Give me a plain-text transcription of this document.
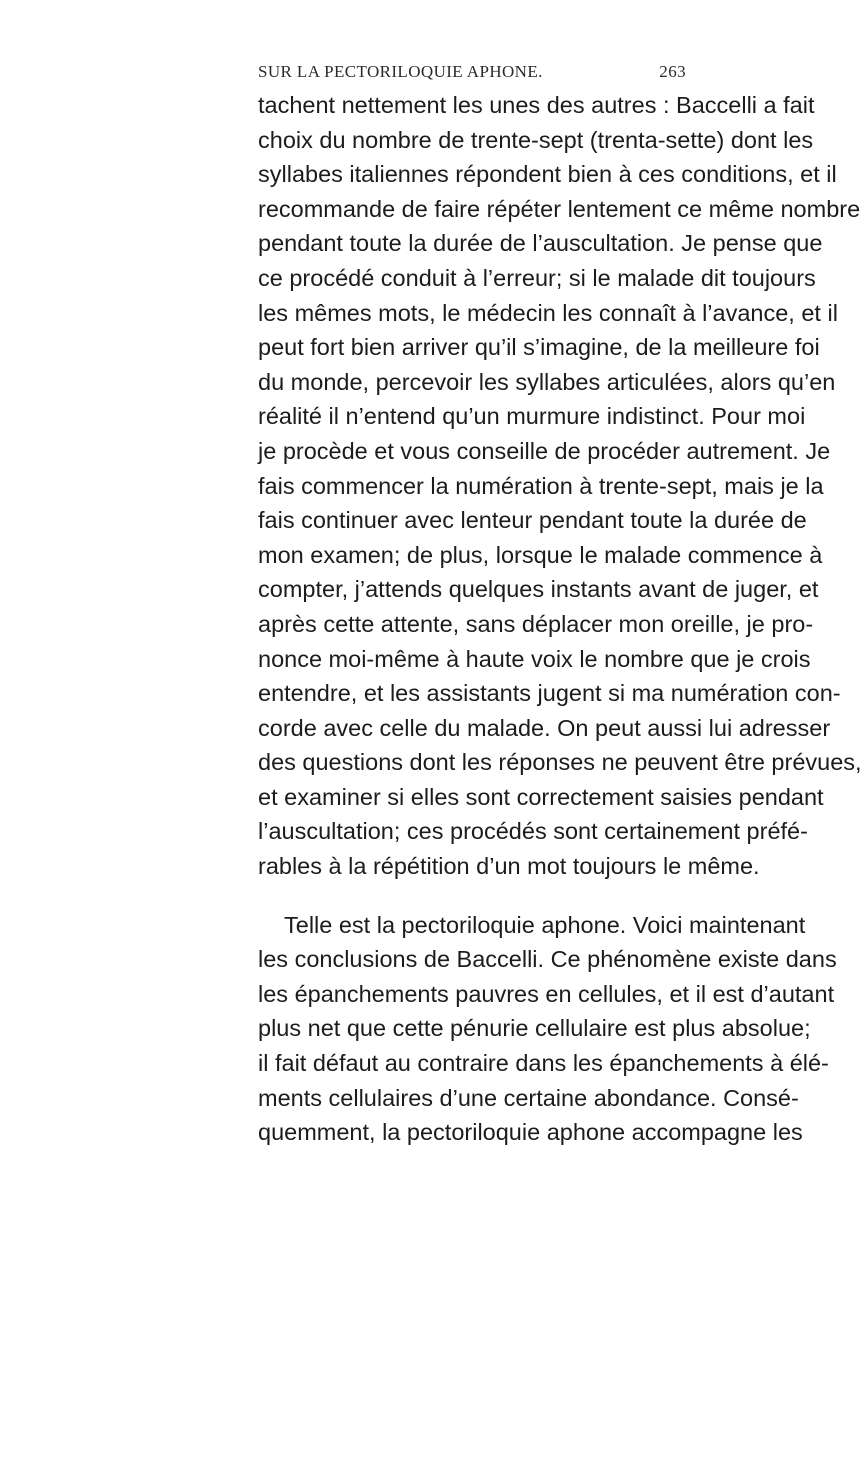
SUR LA PECTORILOQUIE APHONE.	263
tachent nettement les unes des autres : Baccelli a fait
choix du nombre de trente-sept (trenta-sette) dont les
syllabes italiennes répondent bien à ces conditions, et il
recommande de faire répéter lentement ce même nombre
pendant toute la durée de l’auscultation. Je pense que
ce procédé conduit à l’erreur; si le malade dit toujours
les mêmes mots, le médecin les connaît à l’avance, et il
peut fort bien arriver qu’il s’imagine, de la meilleure foi
du monde, percevoir les syllabes articulées, alors qu’en
réalité il n’entend qu’un murmure indistinct. Pour moi
je procède et vous conseille de procéder autrement. Je
fais commencer la numération à trente-sept, mais je la
fais continuer avec lenteur pendant toute la durée de
mon examen; de plus, lorsque le malade commence à
compter, j’attends quelques instants avant de juger, et
après cette attente, sans déplacer mon oreille, je pro-
nonce moi-même à haute voix le nombre que je crois
entendre, et les assistants jugent si ma numération con-
corde avec celle du malade. On peut aussi lui adresser
des questions dont les réponses ne peuvent être prévues,
et examiner si elles sont correctement saisies pendant
l’auscultation; ces procédés sont certainement préfé-
rables à la répétition d’un mot toujours le même.
Telle est la pectoriloquie aphone. Voici maintenant
les conclusions de Baccelli. Ce phénomène existe dans
les épanchements pauvres en cellules, et il est d’autant
plus net que cette pénurie cellulaire est plus absolue;
il fait défaut au contraire dans les épanchements à élé-
ments cellulaires d’une certaine abondance. Consé-
quemment, la pectoriloquie aphone accompagne les
